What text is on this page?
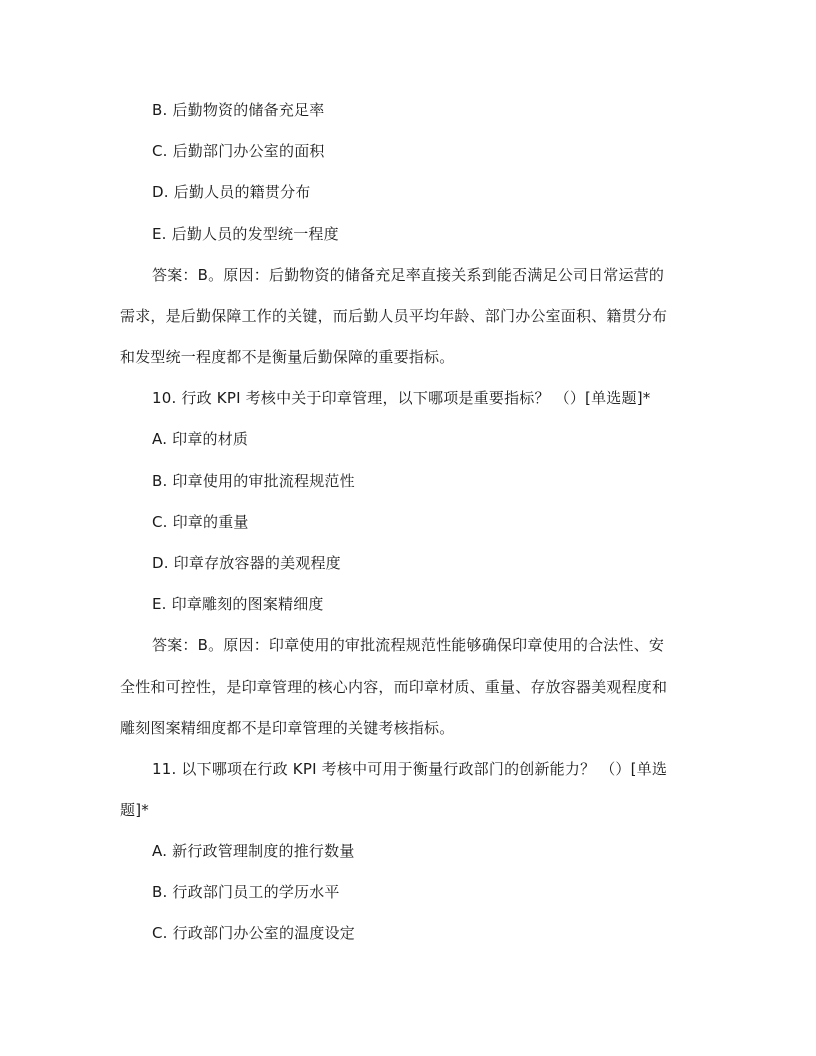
B. 后勤物资的储备充足率
C. 后勤部门办公室的面积
D. 后勤人员的籍贯分布
E. 后勤人员的发型统一程度
答案：B。原因：后勤物资的储备充足率直接关系到能否满足公司日常运营的
需求，是后勤保障工作的关键，而后勤人员平均年龄、部门办公室面积、籍贯分布
和发型统一程度都不是衡量后勤保障的重要指标。
10. 行政 KPI 考核中关于印章管理，以下哪项是重要指标？ （）[单选题]*
A. 印章的材质
B. 印章使用的审批流程规范性
C. 印章的重量
D. 印章存放容器的美观程度
E. 印章雕刻的图案精细度
答案：B。原因：印章使用的审批流程规范性能够确保印章使用的合法性、安
全性和可控性，是印章管理的核心内容，而印章材质、重量、存放容器美观程度和
雕刻图案精细度都不是印章管理的关键考核指标。
11. 以下哪项在行政 KPI 考核中可用于衡量行政部门的创新能力？ （）[单选
题]*
A. 新行政管理制度的推行数量
B. 行政部门员工的学历水平
C. 行政部门办公室的温度设定
